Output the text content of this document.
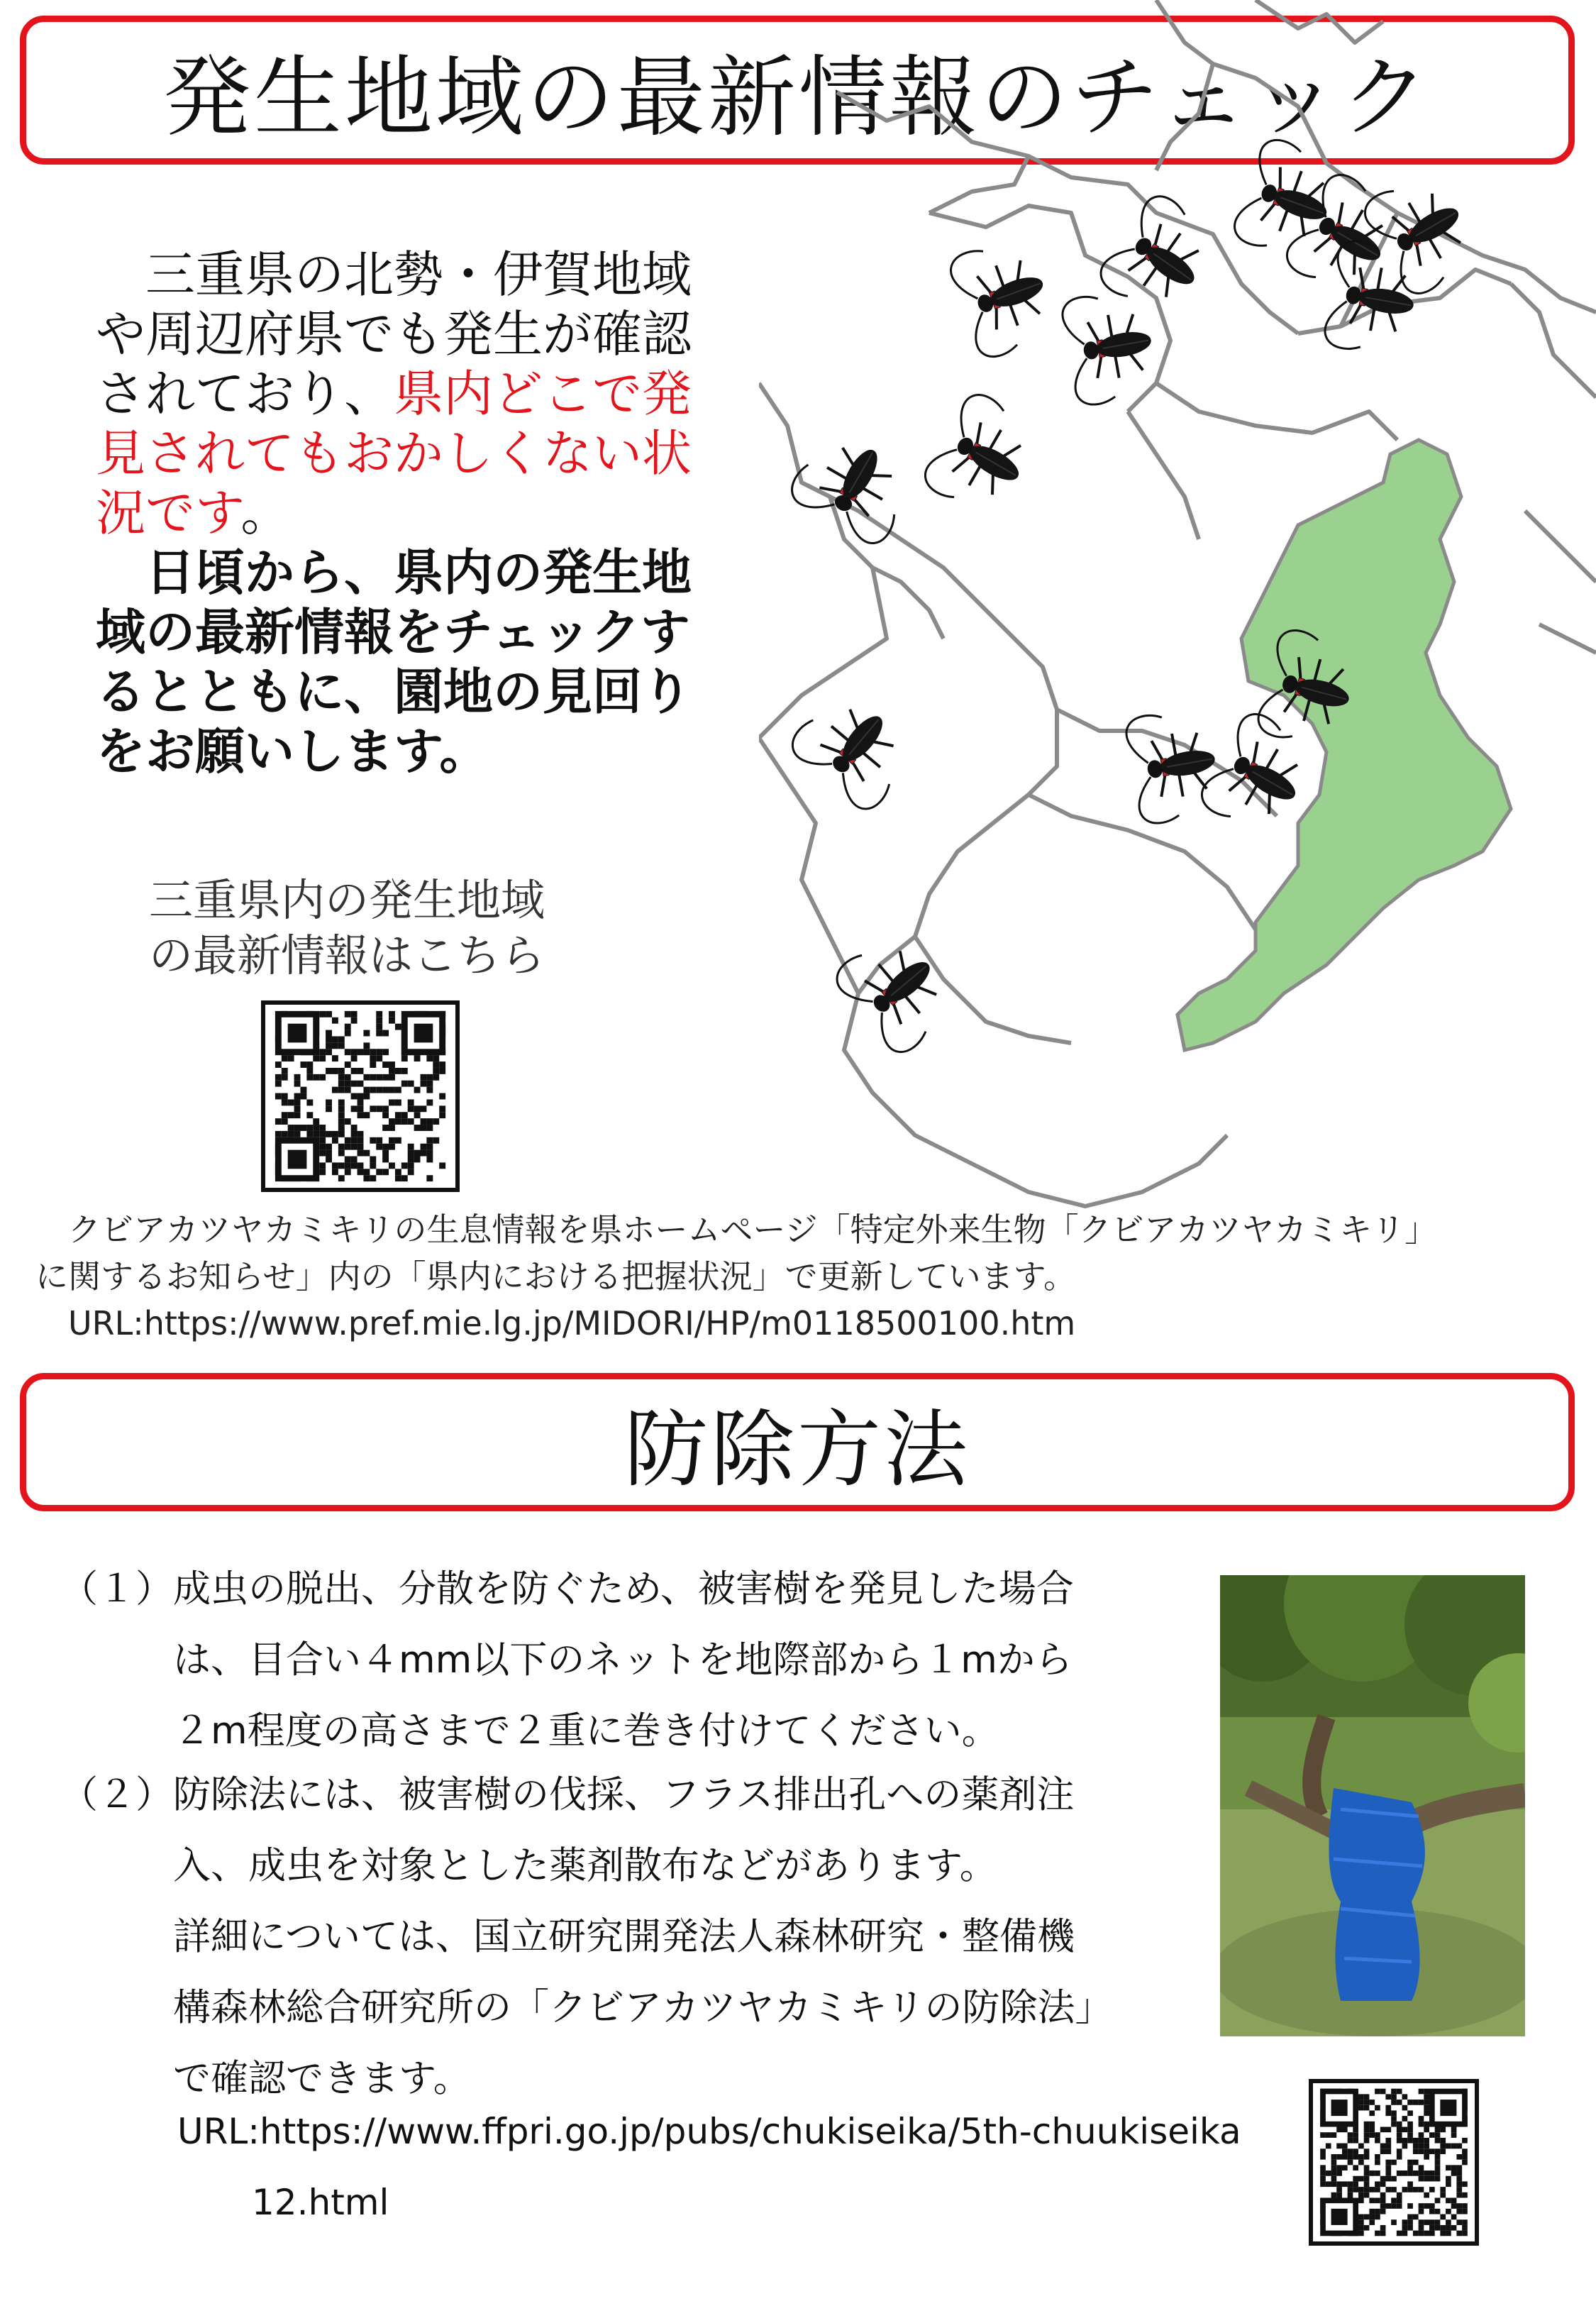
発生地域の最新情報のチェック
　三重県の北勢・伊賀地域
や周辺府県でも発生が確認
されており、県内どこで発
見されてもおかしくない状
況です。
　日頃から、県内の発生地
域の最新情報をチェックす
るとともに、園地の見回り
をお願いします。
三重県内の発生地域
の最新情報はこちら
　クビアカツヤカミキリの生息情報を県ホームページ「特定外来生物「クビアカツヤカミキリ」
に関するお知らせ」内の「県内における把握状況」で更新しています。
　URL:https://www.pref.mie.lg.jp/MIDORI/HP/m0118500100.htm
防除方法
（１）成虫の脱出、分散を防ぐため、被害樹を発見した場合
　　　は、目合い４mm以下のネットを地際部から１mから
　　　２m程度の高さまで２重に巻き付けてください。
（２）防除法には、被害樹の伐採、フラス排出孔への薬剤注
　　　入、成虫を対象とした薬剤散布などがあります。
　　　詳細については、国立研究開発法人森林研究・整備機
　　　構森林総合研究所の「クビアカツヤカミキリの防除法」
　　　で確認できます。
URL:https://www.ffpri.go.jp/pubs/chukiseika/5th-chuukiseika
12.html
